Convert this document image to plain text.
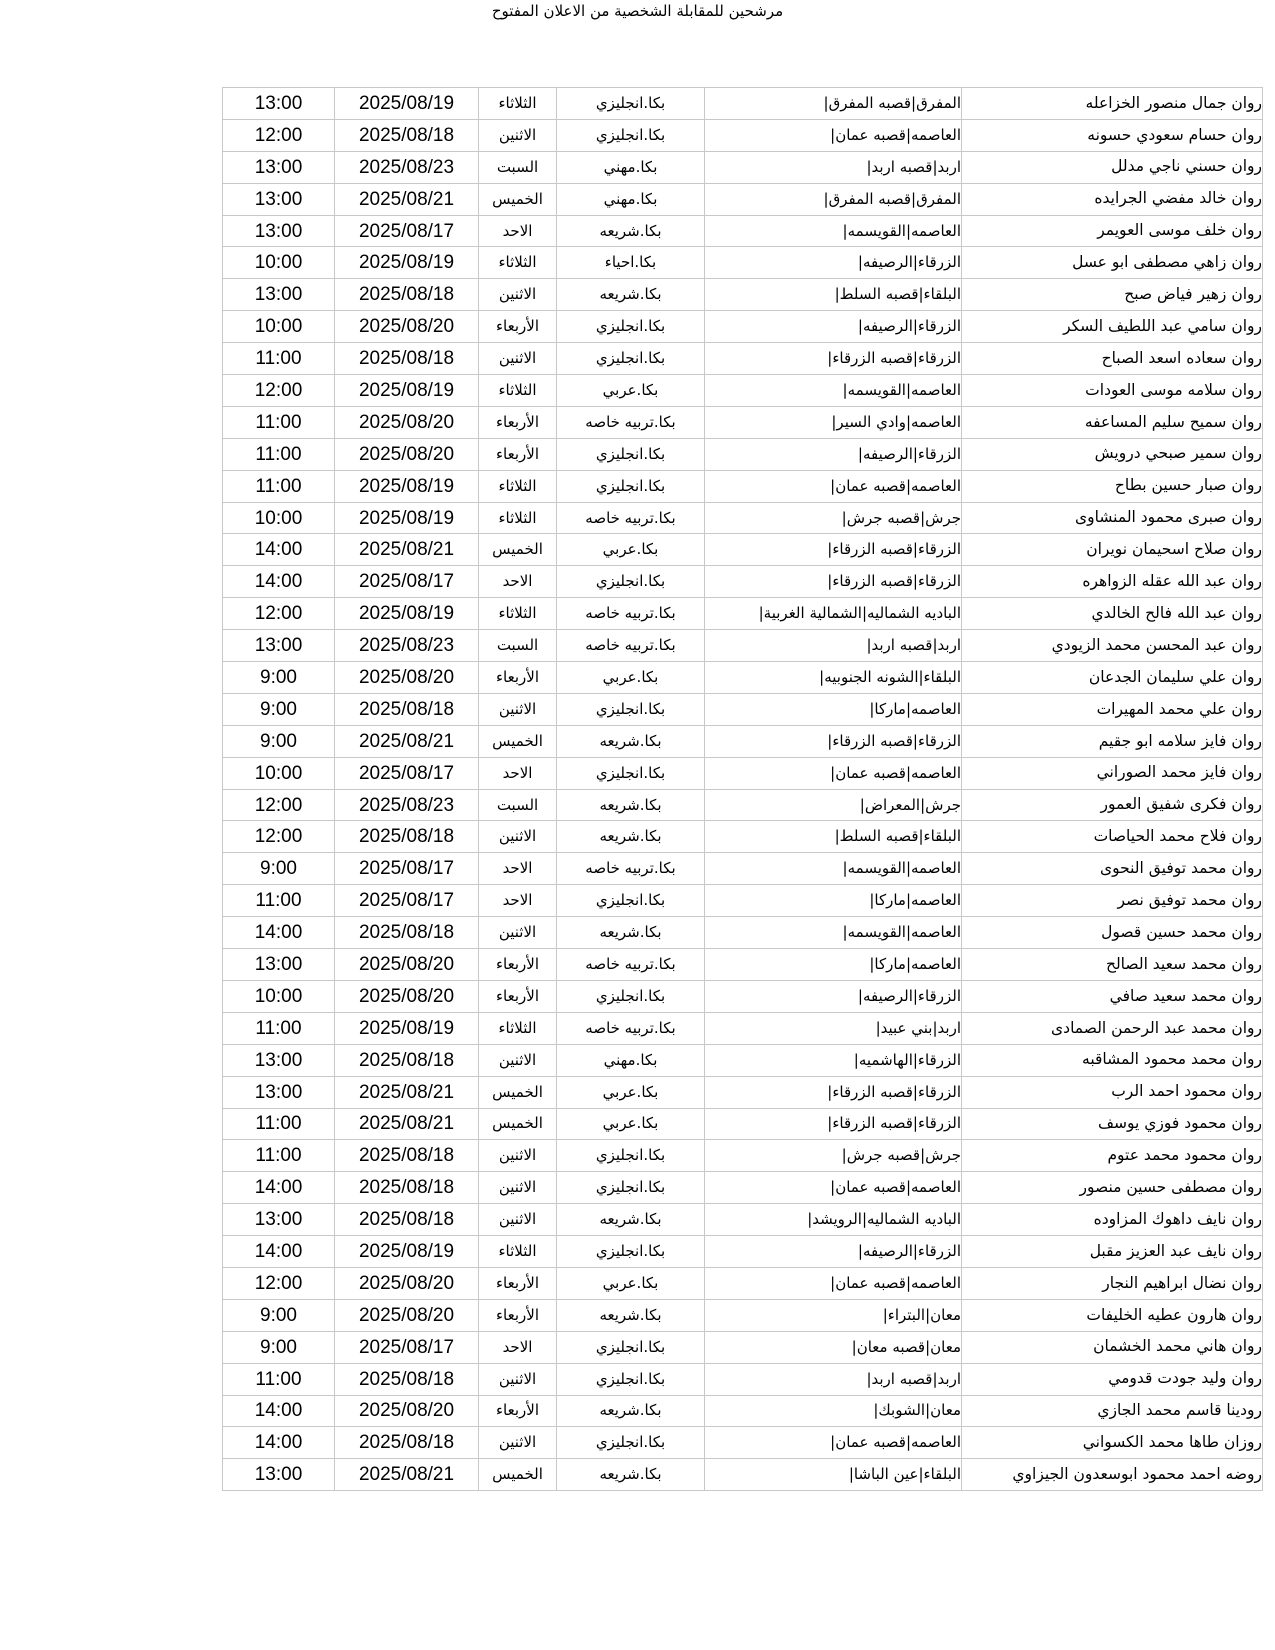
مرشحين للمقابلة الشخصية من الاعلان المفتوح
13:00	2025/08/19	الثلاثاء	بكا.انجليزي	المفرق|قصبه المفرق|	روان جمال منصور الخزاعله
12:00	2025/08/18	الاثنين	بكا.انجليزي	العاصمه|قصبه عمان|	روان حسام سعودي حسونه
13:00	2025/08/23	السبت	بكا.مهني	اربد|قصبه اربد|	روان حسني ناجي مدلل
13:00	2025/08/21	الخميس	بكا.مهني	المفرق|قصبه المفرق|	روان خالد مفضي الجرايده
13:00	2025/08/17	الاحد	بكا.شريعه	العاصمه|القويسمه|	روان خلف موسى العويمر
10:00	2025/08/19	الثلاثاء	بكا.احياء	الزرقاء|الرصيفه|	روان زاهي مصطفى ابو عسل
13:00	2025/08/18	الاثنين	بكا.شريعه	البلقاء|قصبه السلط|	روان زهير فياض صبح
10:00	2025/08/20	الأربعاء	بكا.انجليزي	الزرقاء|الرصيفه|	روان سامي عبد اللطيف السكر
11:00	2025/08/18	الاثنين	بكا.انجليزي	الزرقاء|قصبه الزرقاء|	روان سعاده اسعد الصباح
12:00	2025/08/19	الثلاثاء	بكا.عربي	العاصمه|القويسمه|	روان سلامه موسى العودات
11:00	2025/08/20	الأربعاء	بكا.تربيه خاصه	العاصمه|وادي السير|	روان سميح سليم المساعفه
11:00	2025/08/20	الأربعاء	بكا.انجليزي	الزرقاء|الرصيفه|	روان سمير صبحي درويش
11:00	2025/08/19	الثلاثاء	بكا.انجليزي	العاصمه|قصبه عمان|	روان صبار حسين بطاح
10:00	2025/08/19	الثلاثاء	بكا.تربيه خاصه	جرش|قصبه جرش|	روان صبرى محمود المنشاوى
14:00	2025/08/21	الخميس	بكا.عربي	الزرقاء|قصبه الزرقاء|	روان صلاح اسحيمان نويران
14:00	2025/08/17	الاحد	بكا.انجليزي	الزرقاء|قصبه الزرقاء|	روان عبد الله عقله الزواهره
12:00	2025/08/19	الثلاثاء	بكا.تربيه خاصه	الباديه الشماليه|الشمالية الغربية|	روان عبد الله فالح الخالدي
13:00	2025/08/23	السبت	بكا.تربيه خاصه	اربد|قصبه اربد|	روان عبد المحسن محمد الزيودي
9:00	2025/08/20	الأربعاء	بكا.عربي	البلقاء|الشونه الجنوبيه|	روان علي سليمان الجدعان
9:00	2025/08/18	الاثنين	بكا.انجليزي	العاصمه|ماركا|	روان علي محمد المهيرات
9:00	2025/08/21	الخميس	بكا.شريعه	الزرقاء|قصبه الزرقاء|	روان فايز سلامه ابو جقيم
10:00	2025/08/17	الاحد	بكا.انجليزي	العاصمه|قصبه عمان|	روان فايز محمد الصوراني
12:00	2025/08/23	السبت	بكا.شريعه	جرش|المعراض|	روان فكرى شفيق العمور
12:00	2025/08/18	الاثنين	بكا.شريعه	البلقاء|قصبه السلط|	روان فلاح محمد الحياصات
9:00	2025/08/17	الاحد	بكا.تربيه خاصه	العاصمه|القويسمه|	روان محمد توفيق النحوى
11:00	2025/08/17	الاحد	بكا.انجليزي	العاصمه|ماركا|	روان محمد توفيق نصر
14:00	2025/08/18	الاثنين	بكا.شريعه	العاصمه|القويسمه|	روان محمد حسين قصول
13:00	2025/08/20	الأربعاء	بكا.تربيه خاصه	العاصمه|ماركا|	روان محمد سعيد الصالح
10:00	2025/08/20	الأربعاء	بكا.انجليزي	الزرقاء|الرصيفه|	روان محمد سعيد صافي
11:00	2025/08/19	الثلاثاء	بكا.تربيه خاصه	اربد|بني عبيد|	روان محمد عبد الرحمن الصمادى
13:00	2025/08/18	الاثنين	بكا.مهني	الزرقاء|الهاشميه|	روان محمد محمود المشاقبه
13:00	2025/08/21	الخميس	بكا.عربي	الزرقاء|قصبه الزرقاء|	روان محمود احمد الرب
11:00	2025/08/21	الخميس	بكا.عربي	الزرقاء|قصبه الزرقاء|	روان محمود فوزي يوسف
11:00	2025/08/18	الاثنين	بكا.انجليزي	جرش|قصبه جرش|	روان محمود محمد عتوم
14:00	2025/08/18	الاثنين	بكا.انجليزي	العاصمه|قصبه عمان|	روان مصطفى حسين منصور
13:00	2025/08/18	الاثنين	بكا.شريعه	الباديه الشماليه|الرويشد|	روان نايف داهوك المزاوده
14:00	2025/08/19	الثلاثاء	بكا.انجليزي	الزرقاء|الرصيفه|	روان نايف عبد العزيز مقبل
12:00	2025/08/20	الأربعاء	بكا.عربي	العاصمه|قصبه عمان|	روان نضال ابراهيم النجار
9:00	2025/08/20	الأربعاء	بكا.شريعه	معان|البتراء|	روان هارون عطيه الخليفات
9:00	2025/08/17	الاحد	بكا.انجليزي	معان|قصبه معان|	روان هاني محمد الخشمان
11:00	2025/08/18	الاثنين	بكا.انجليزي	اربد|قصبه اربد|	روان وليد جودت قدومي
14:00	2025/08/20	الأربعاء	بكا.شريعه	معان|الشوبك|	رودينا قاسم محمد الجازي
14:00	2025/08/18	الاثنين	بكا.انجليزي	العاصمه|قصبه عمان|	روزان طاها محمد الكسواني
13:00	2025/08/21	الخميس	بكا.شريعه	البلقاء|عين الباشا|	روضه احمد محمود ابوسعدون الجيزاوي
